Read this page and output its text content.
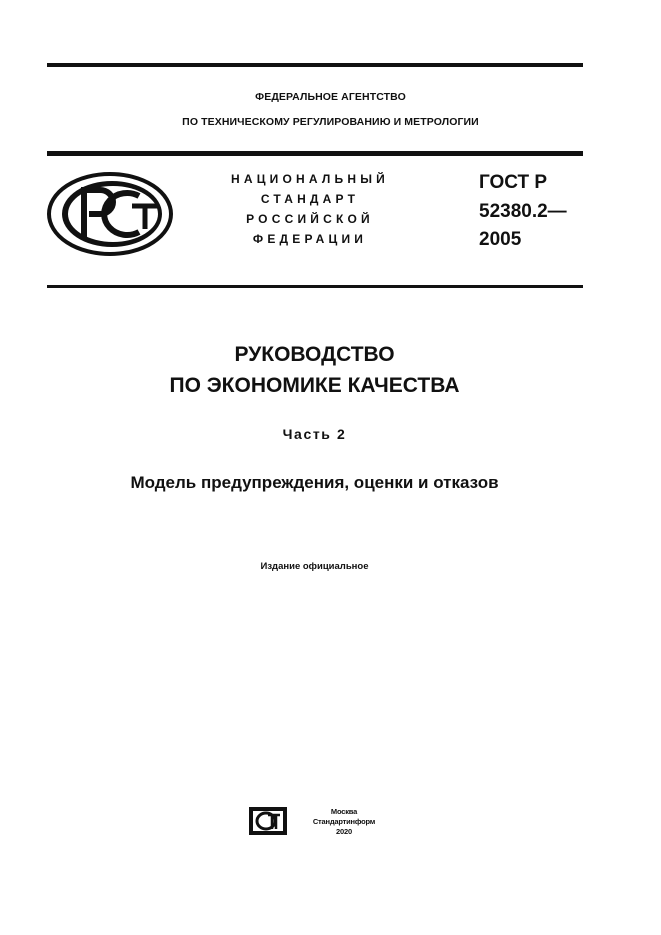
ФЕДЕРАЛЬНОЕ АГЕНТСТВО
ПО ТЕХНИЧЕСКОМУ РЕГУЛИРОВАНИЮ И МЕТРОЛОГИИ
НАЦИОНАЛЬНЫЙ
СТАНДАРТ
РОССИЙСКОЙ
ФЕДЕРАЦИИ
ГОСТ Р
52380.2—
2005
РУКОВОДСТВО
ПО ЭКОНОМИКЕ КАЧЕСТВА
Часть 2
Модель предупреждения, оценки и отказов
Издание официальное
Москва
Стандартинформ
2020
